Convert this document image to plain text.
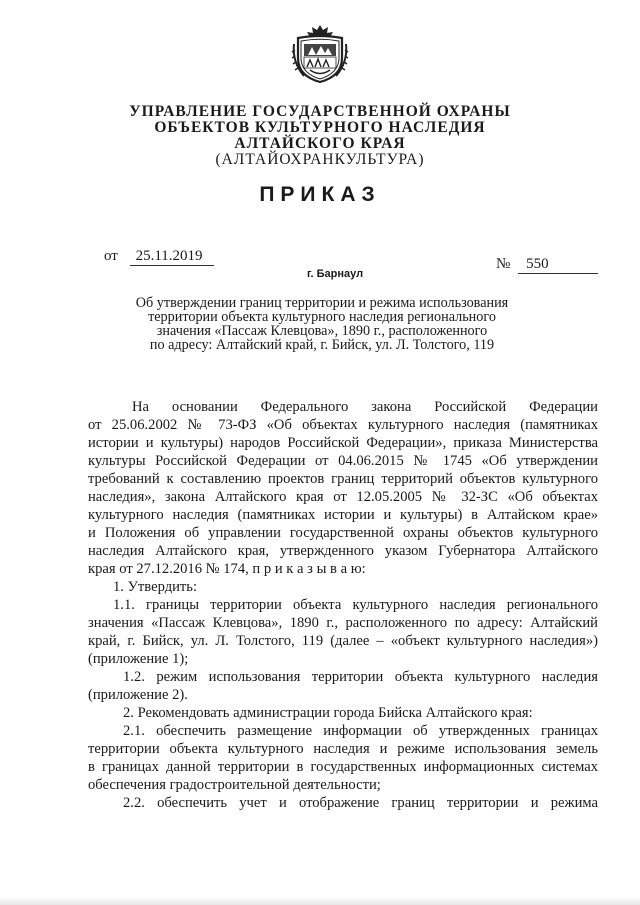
УПРАВЛЕНИЕ ГОСУДАРСТВЕННОЙ ОХРАНЫ
ОБЪЕКТОВ КУЛЬТУРНОГО НАСЛЕДИЯ
АЛТАЙСКОГО КРАЯ
(АЛТАЙОХРАНКУЛЬТУРА)
ПРИКАЗ
от 25.11.2019	№ 550
г. Барнаул
Об утверждении границ территории и режима использования
территории объекта культурного наследия регионального
значения «Пассаж Клевцова», 1890 г., расположенного
по адресу: Алтайский край, г. Бийск, ул. Л. Толстого, 119
На основании Федерального закона Российской Федерации
от 25.06.2002 № 73-ФЗ «Об объектах культурного наследия (памятниках
истории и культуры) народов Российской Федерации», приказа Министерства
культуры Российской Федерации от 04.06.2015 № 1745 «Об утверждении
требований к составлению проектов границ территорий объектов культурного
наследия», закона Алтайского края от 12.05.2005 № 32-ЗС «Об объектах
культурного наследия (памятниках истории и культуры) в Алтайском крае»
и Положения об управлении государственной охраны объектов культурного
наследия Алтайского края, утвержденного указом Губернатора Алтайского
края от 27.12.2016 № 174, п р и к а з ы в а ю:
1. Утвердить:
1.1. границы территории объекта культурного наследия регионального
значения «Пассаж Клевцова», 1890 г., расположенного по адресу: Алтайский
край, г. Бийск, ул. Л. Толстого, 119 (далее – «объект культурного наследия»)
(приложение 1);
1.2. режим использования территории объекта культурного наследия
(приложение 2).
2. Рекомендовать администрации города Бийска Алтайского края:
2.1. обеспечить размещение информации об утвержденных границах
территории объекта культурного наследия и режиме использования земель
в границах данной территории в государственных информационных системах
обеспечения градостроительной деятельности;
2.2. обеспечить учет и отображение границ территории и режима
